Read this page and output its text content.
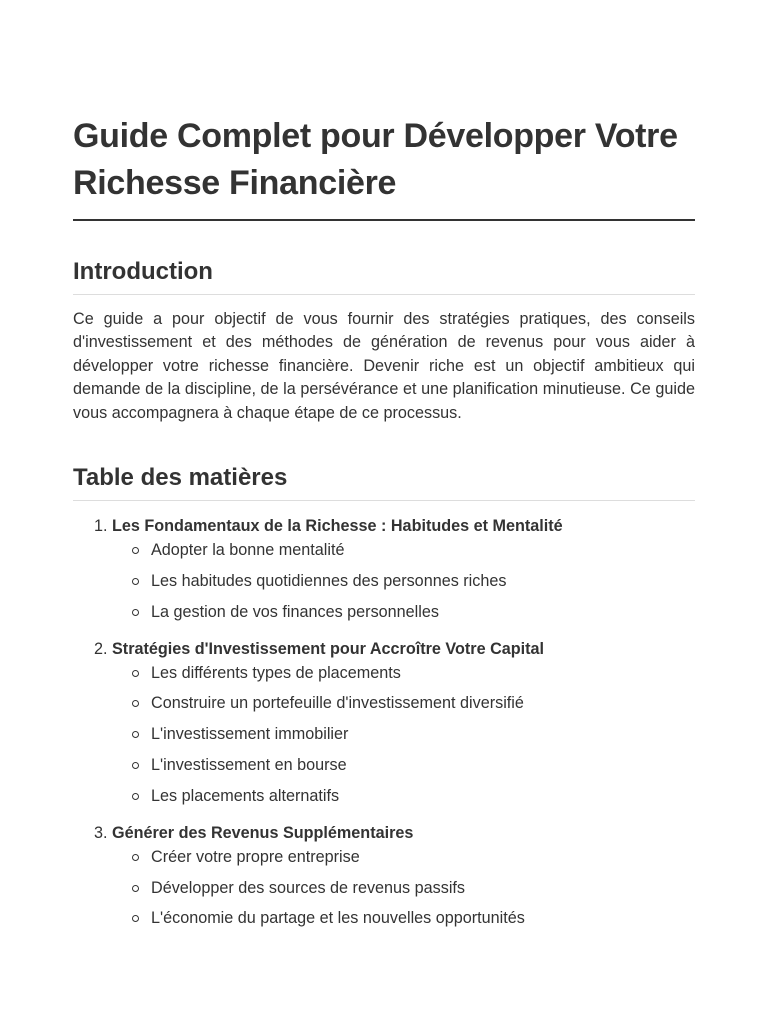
Guide Complet pour Développer Votre Richesse Financière
Introduction

Ce guide a pour objectif de vous fournir des stratégies pratiques, des conseils d'investissement et des méthodes de génération de revenus pour vous aider à développer votre richesse financière. Devenir riche est un objectif ambitieux qui demande de la discipline, de la persévérance et une planification minutieuse. Ce guide vous accompagnera à chaque étape de ce processus.

Table des matières
1. Les Fondamentaux de la Richesse : Habitudes et Mentalité
Adopter la bonne mentalité
Les habitudes quotidiennes des personnes riches
La gestion de vos finances personnelles
2. Stratégies d'Investissement pour Accroître Votre Capital
Les différents types de placements
Construire un portefeuille d'investissement diversifié
L'investissement immobilier
L'investissement en bourse
Les placements alternatifs
3. Générer des Revenus Supplémentaires
Créer votre propre entreprise
Développer des sources de revenus passifs
L'économie du partage et les nouvelles opportunités
